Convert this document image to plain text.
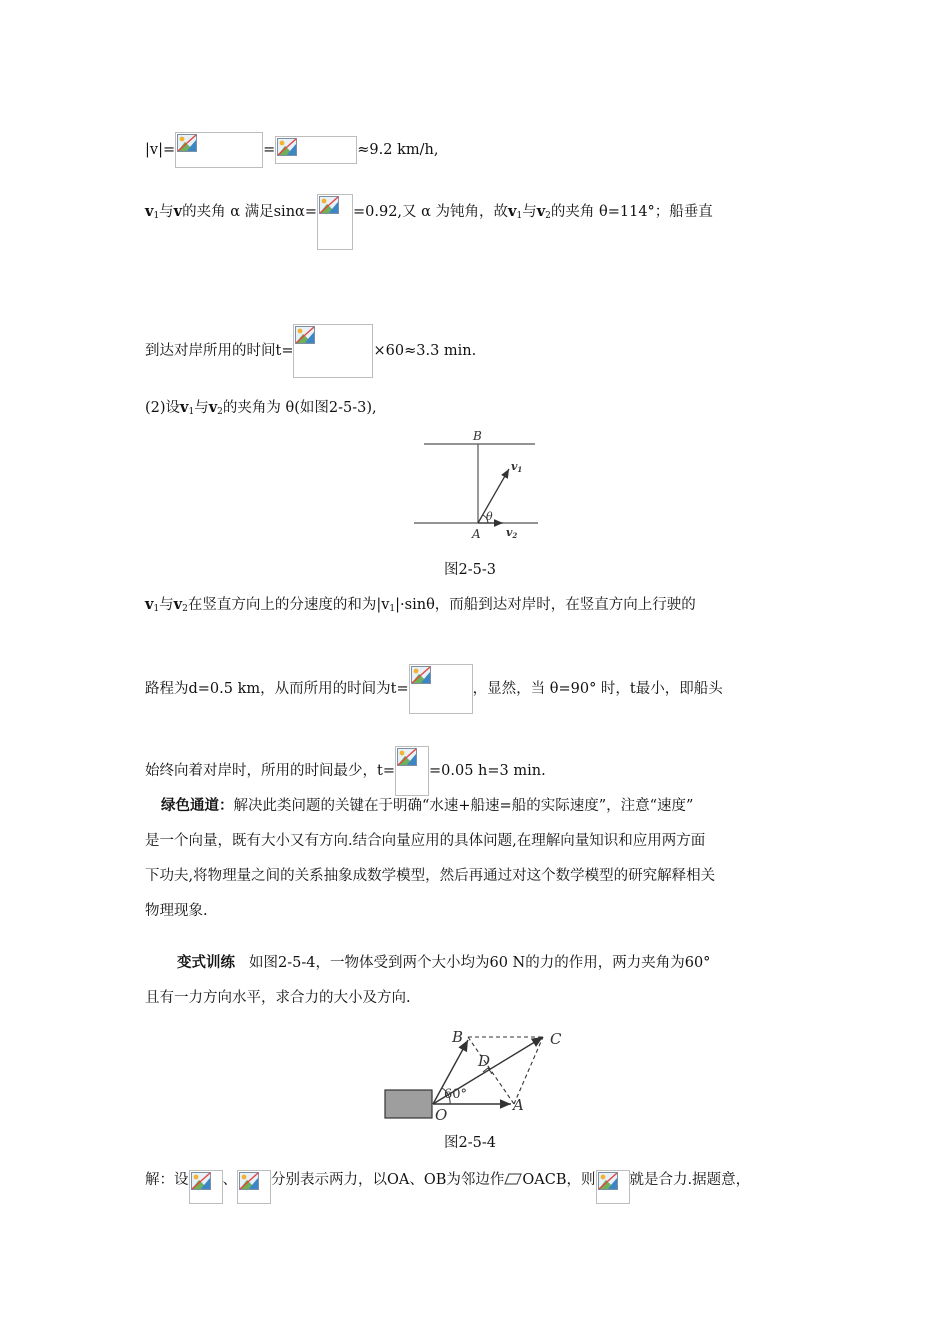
|v|=	=	≈9.2 km/h,
$v_1$与v的夹角 α 满足sinα= =0.92,又 α 为钝角，故$v_1$与$v_2$的夹角 θ=114°；船垂直
到达对岸所用的时间t=	×60≈3.3 min.
(2)设$v_1$与$v_2$的夹角为 θ(如图2-5-3),
B
A
θ
v1
v2
图2-5-3
$v_1$与$v_2$在竖直方向上的分速度的和为$|v_1|\cdot\sin\theta$，而船到达对岸时，在竖直方向上行驶的
路程为d=0.5 km，从而所用的时间为t=	，显然，当 θ=90° 时，t最小，即船头
始终向着对岸时，所用的时间最少，t= =0.05 h=3 min.
绿色通道：解决此类问题的关键在于明确“水速+船速=船的实际速度”，注意“速度”
是一个向量，既有大小又有方向.结合向量应用的具体问题,在理解向量知识和应用两方面
下功夫,将物理量之间的关系抽象成数学模型，然后再通过对这个数学模型的研究解释相关
物理现象.
变式训练 如图2-5-4，一物体受到两个大小均为60 N的力的作用，两力夹角为60°
且有一力方向水平，求合力的大小及方向.
B	C
D
O
A
60°
图2-5-4
解：设 、 分别表示两力，以OA、OB为邻边作 OACB，则 就是合力.据题意，
